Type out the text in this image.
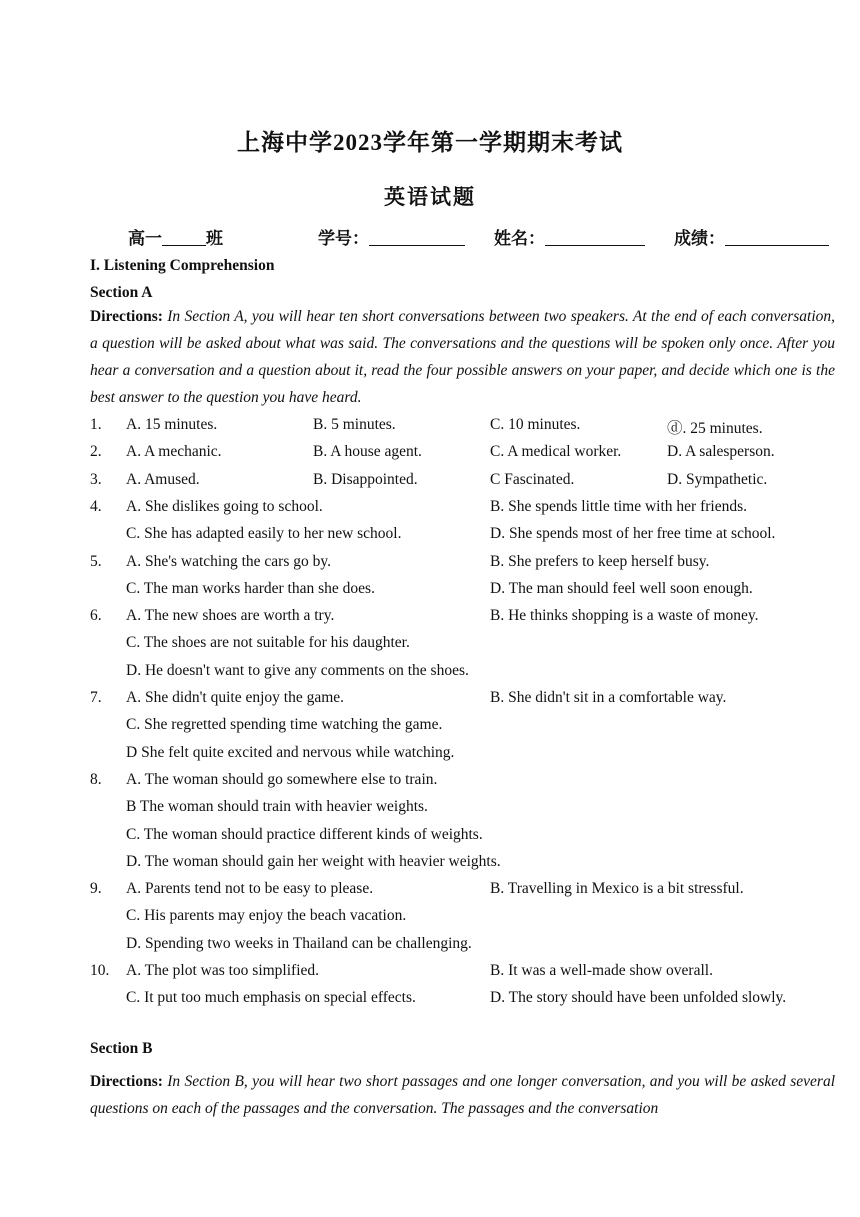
上海中学2023学年第一学期期末考试
英语试题
高一	班	学号：	姓名：	成绩：
I. Listening Comprehension
Section A
Directions: In Section A, you will hear ten short conversations between two speakers. At the end of each conversation, a question will be asked about what was said. The conversations and the questions will be spoken only once. After you hear a conversation and a question about it, read the four possible answers on your paper, and decide which one is the best answer to the question you have heard.
1. A. 15 minutes.	B. 5 minutes.	C. 10 minutes.	ⓓ. 25 minutes.
2. A. A mechanic.	B. A house agent.	C. A medical worker.	D. A salesperson.
3. A. Amused.	B. Disappointed.	C Fascinated.	D. Sympathetic.
4. A. She dislikes going to school.	B. She spends little time with her friends.
C. She has adapted easily to her new school.	D. She spends most of her free time at school.
5. A. She's watching the cars go by.	B. She prefers to keep herself busy.
C. The man works harder than she does.	D. The man should feel well soon enough.
6. A. The new shoes are worth a try.	B. He thinks shopping is a waste of money.
C. The shoes are not suitable for his daughter.
D. He doesn't want to give any comments on the shoes.
7. A. She didn't quite enjoy the game.	B. She didn't sit in a comfortable way.
C. She regretted spending time watching the game.
D She felt quite excited and nervous while watching.
8. A. The woman should go somewhere else to train.
B The woman should train with heavier weights.
C. The woman should practice different kinds of weights.
D. The woman should gain her weight with heavier weights.
9. A. Parents tend not to be easy to please.	B. Travelling in Mexico is a bit stressful.
C. His parents may enjoy the beach vacation.
D. Spending two weeks in Thailand can be challenging.
10. A. The plot was too simplified.	B. It was a well-made show overall.
C. It put too much emphasis on special effects.	D. The story should have been unfolded slowly.
Section B
Directions: In Section B, you will hear two short passages and one longer conversation, and you will be asked several questions on each of the passages and the conversation. The passages and the conversation
